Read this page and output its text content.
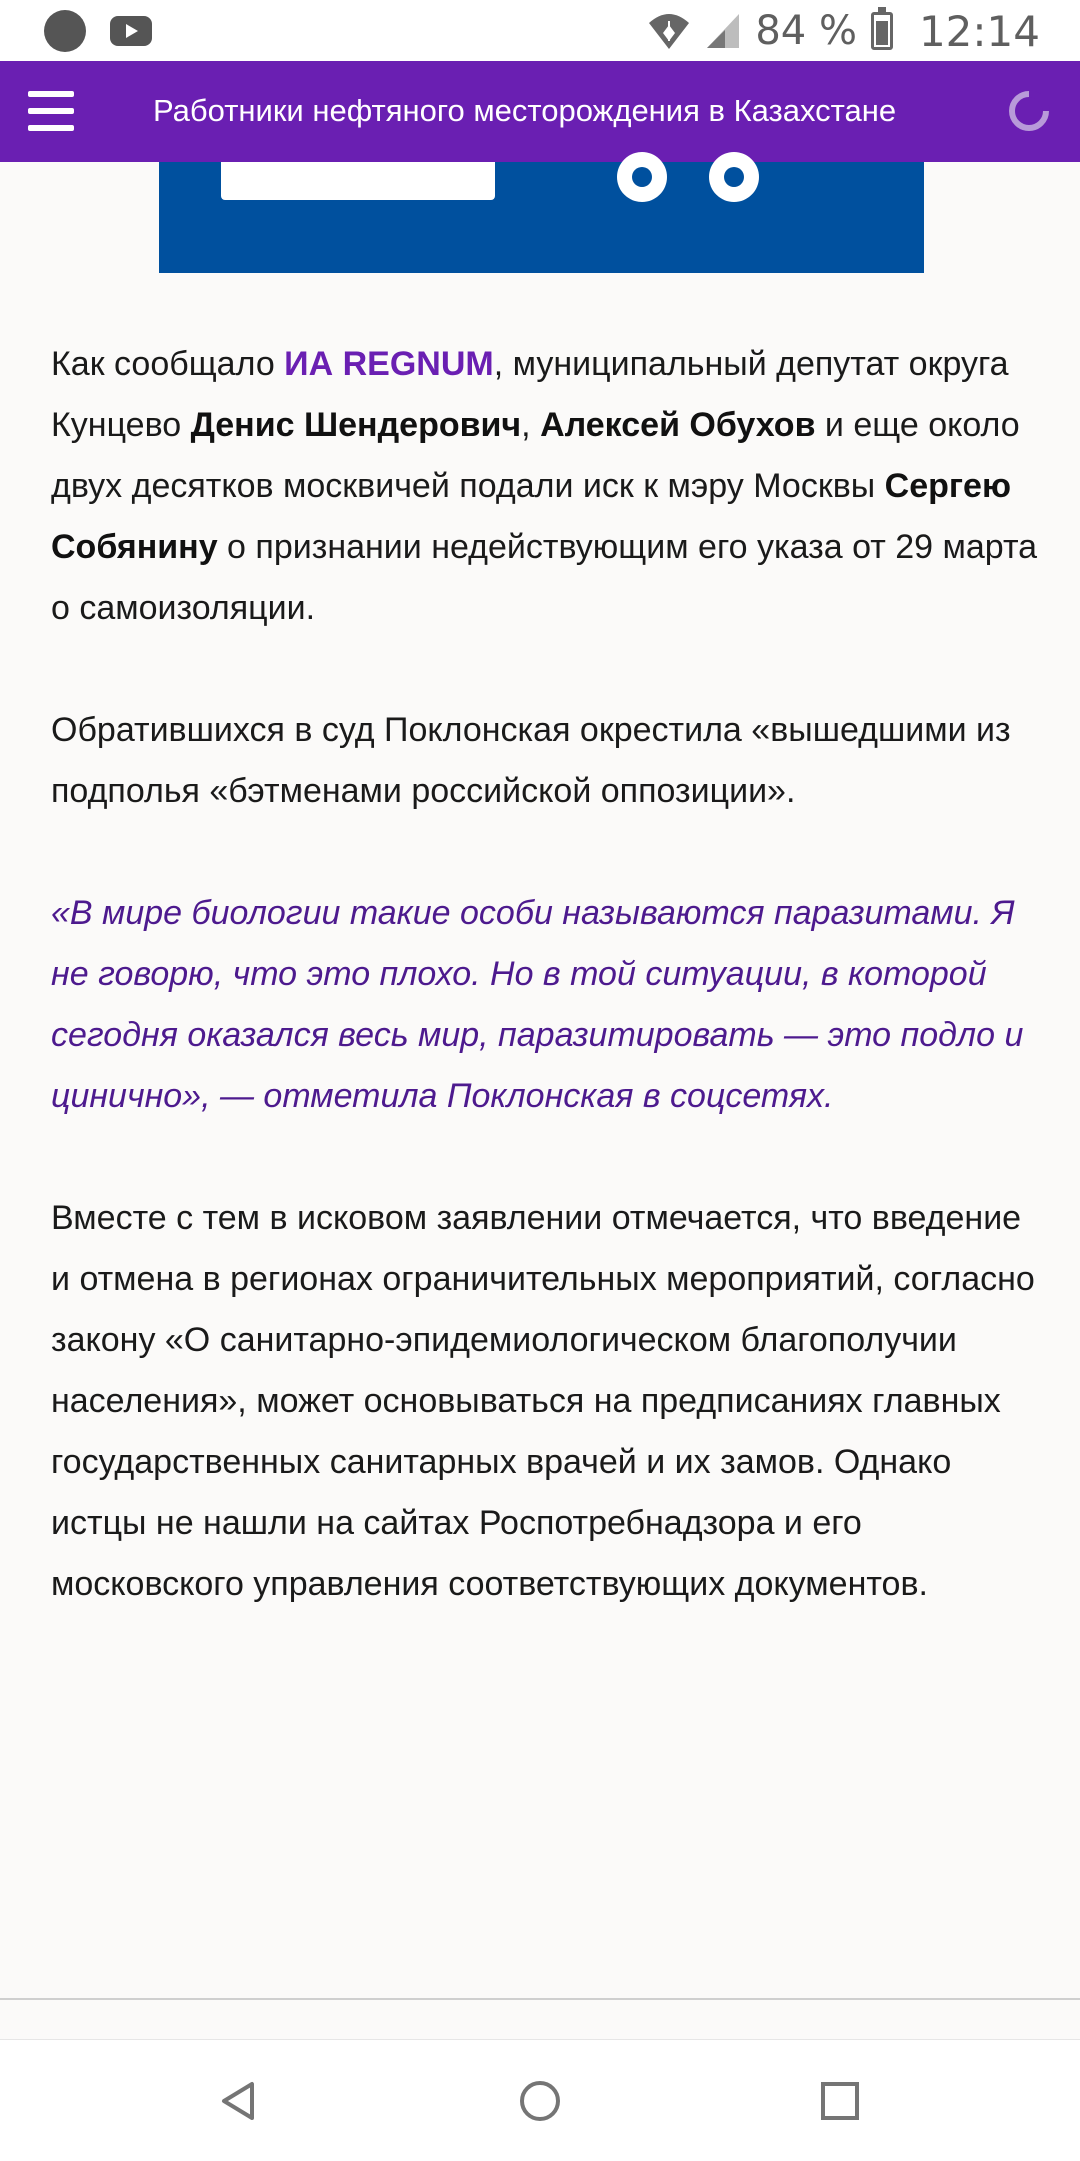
84 % 12:14
Работники нефтяного месторождения в Казахстане

Как сообщало ИА REGNUM, муниципальный депутат округа Кунцево Денис Шендерович, Алексей Обухов и еще около двух десятков москвичей подали иск к мэру Москвы Сергею Собянину о признании недействующим его указа от 29 марта о самоизоляции.

Обратившихся в суд Поклонская окрестила «вышедшими из подполья «бэтменами российской оппозиции».

«В мире биологии такие особи называются паразитами. Я не говорю, что это плохо. Но в той ситуации, в которой сегодня оказался весь мир, паразитировать — это подло и цинично», — отметила Поклонская в соцсетях.

Вместе с тем в исковом заявлении отмечается, что введение и отмена в регионах ограничительных мероприятий, согласно закону «О санитарно-эпидемиологическом благополучии населения», может основываться на предписаниях главных государственных санитарных врачей и их замов. Однако истцы не нашли на сайтах Роспотребнадзора и его московского управления соответствующих документов.
